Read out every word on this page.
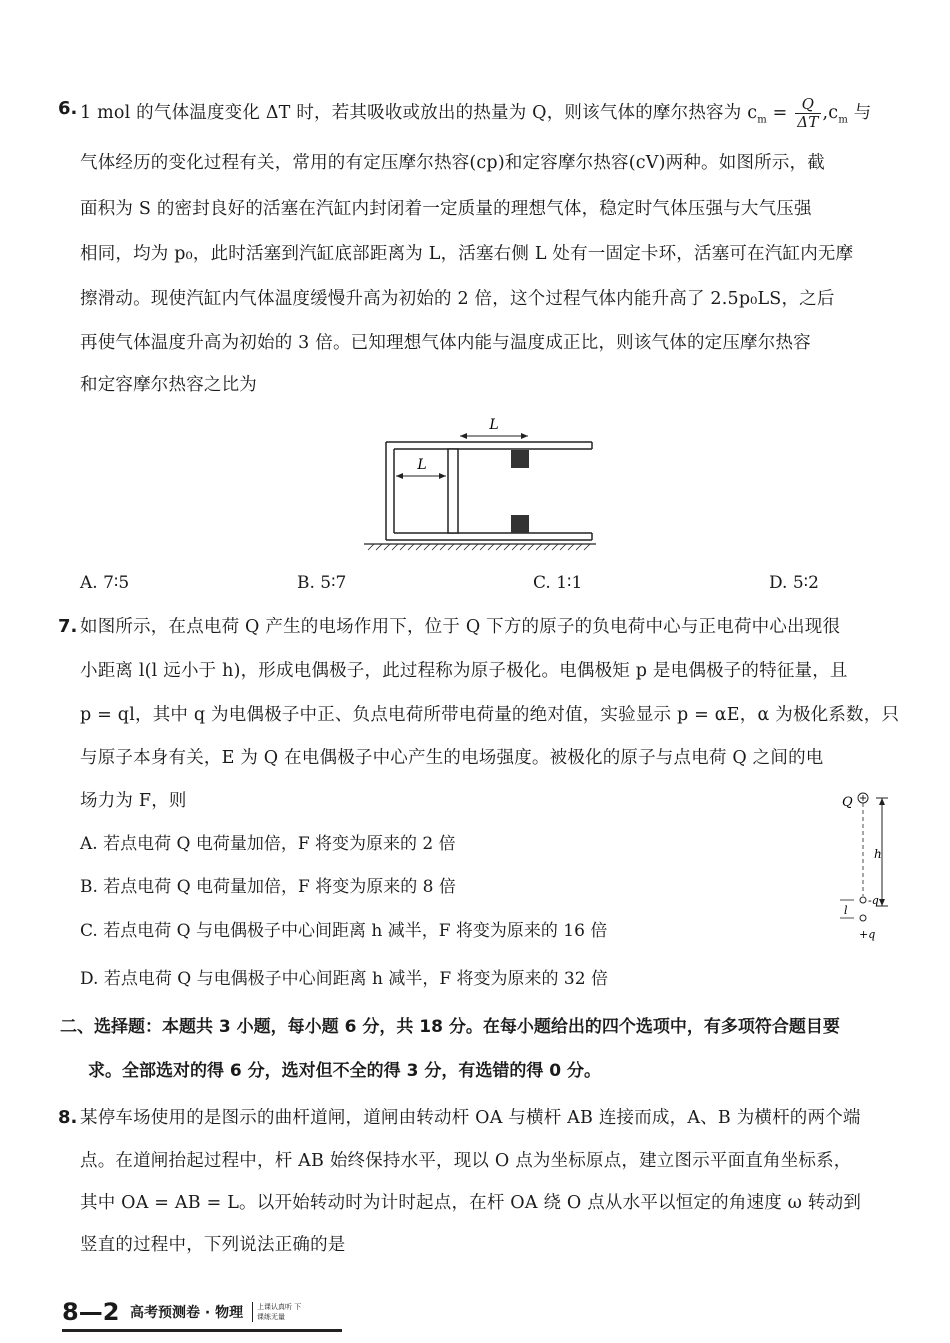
6. 1 mol 的气体温度变化 ΔT 时，若其吸收或放出的热量为 Q，则该气体的摩尔热容为 $c_m = \frac{Q}{\Delta T} ,c_m$ 与
气体经历的变化过程有关，常用的有定压摩尔热容(cp)和定容摩尔热容(cV)两种。如图所示，截
面积为 S 的密封良好的活塞在汽缸内封闭着一定质量的理想气体，稳定时气体压强与大气压强
相同，均为 p₀，此时活塞到汽缸底部距离为 L，活塞右侧 L 处有一固定卡环，活塞可在汽缸内无摩
擦滑动。现使汽缸内气体温度缓慢升高为初始的 2 倍，这个过程气体内能升高了 2.5p₀LS，之后
再使气体温度升高为初始的 3 倍。已知理想气体内能与温度成正比，则该气体的定压摩尔热容
和定容摩尔热容之比为
L
L
A. 7∶5	B. 5∶7	C. 1∶1	D. 5∶2
7. 如图所示，在点电荷 Q 产生的电场作用下，位于 Q 下方的原子的负电荷中心与正电荷中心出现很
小距离 l(l 远小于 h)，形成电偶极子，此过程称为原子极化。电偶极矩 p 是电偶极子的特征量，且
p = ql，其中 q 为电偶极子中正、负点电荷所带电荷量的绝对值，实验显示 p = αE，α 为极化系数，只
与原子本身有关，E 为 Q 在电偶极子中心产生的电场强度。被极化的原子与点电荷 Q 之间的电
场力为 F，则
A. 若点电荷 Q 电荷量加倍，F 将变为原来的 2 倍
B. 若点电荷 Q 电荷量加倍，F 将变为原来的 8 倍
C. 若点电荷 Q 与电偶极子中心间距离 h 减半，F 将变为原来的 16 倍
D. 若点电荷 Q 与电偶极子中心间距离 h 减半，F 将变为原来的 32 倍
Q
h
-q
+q
l
二、选择题：本题共 3 小题，每小题 6 分，共 18 分。在每小题给出的四个选项中，有多项符合题目要
求。全部选对的得 6 分，选对但不全的得 3 分，有选错的得 0 分。
8. 某停车场使用的是图示的曲杆道闸，道闸由转动杆 OA 与横杆 AB 连接而成，A、B 为横杆的两个端
点。在道闸抬起过程中，杆 AB 始终保持水平，现以 O 点为坐标原点，建立图示平面直角坐标系，
其中 OA = AB = L。以开始转动时为计时起点，在杆 OA 绕 O 点从水平以恒定的角速度 ω 转动到
竖直的过程中，下列说法正确的是
8—2 高考预测卷 · 物理	上课认真听 下课练无量
